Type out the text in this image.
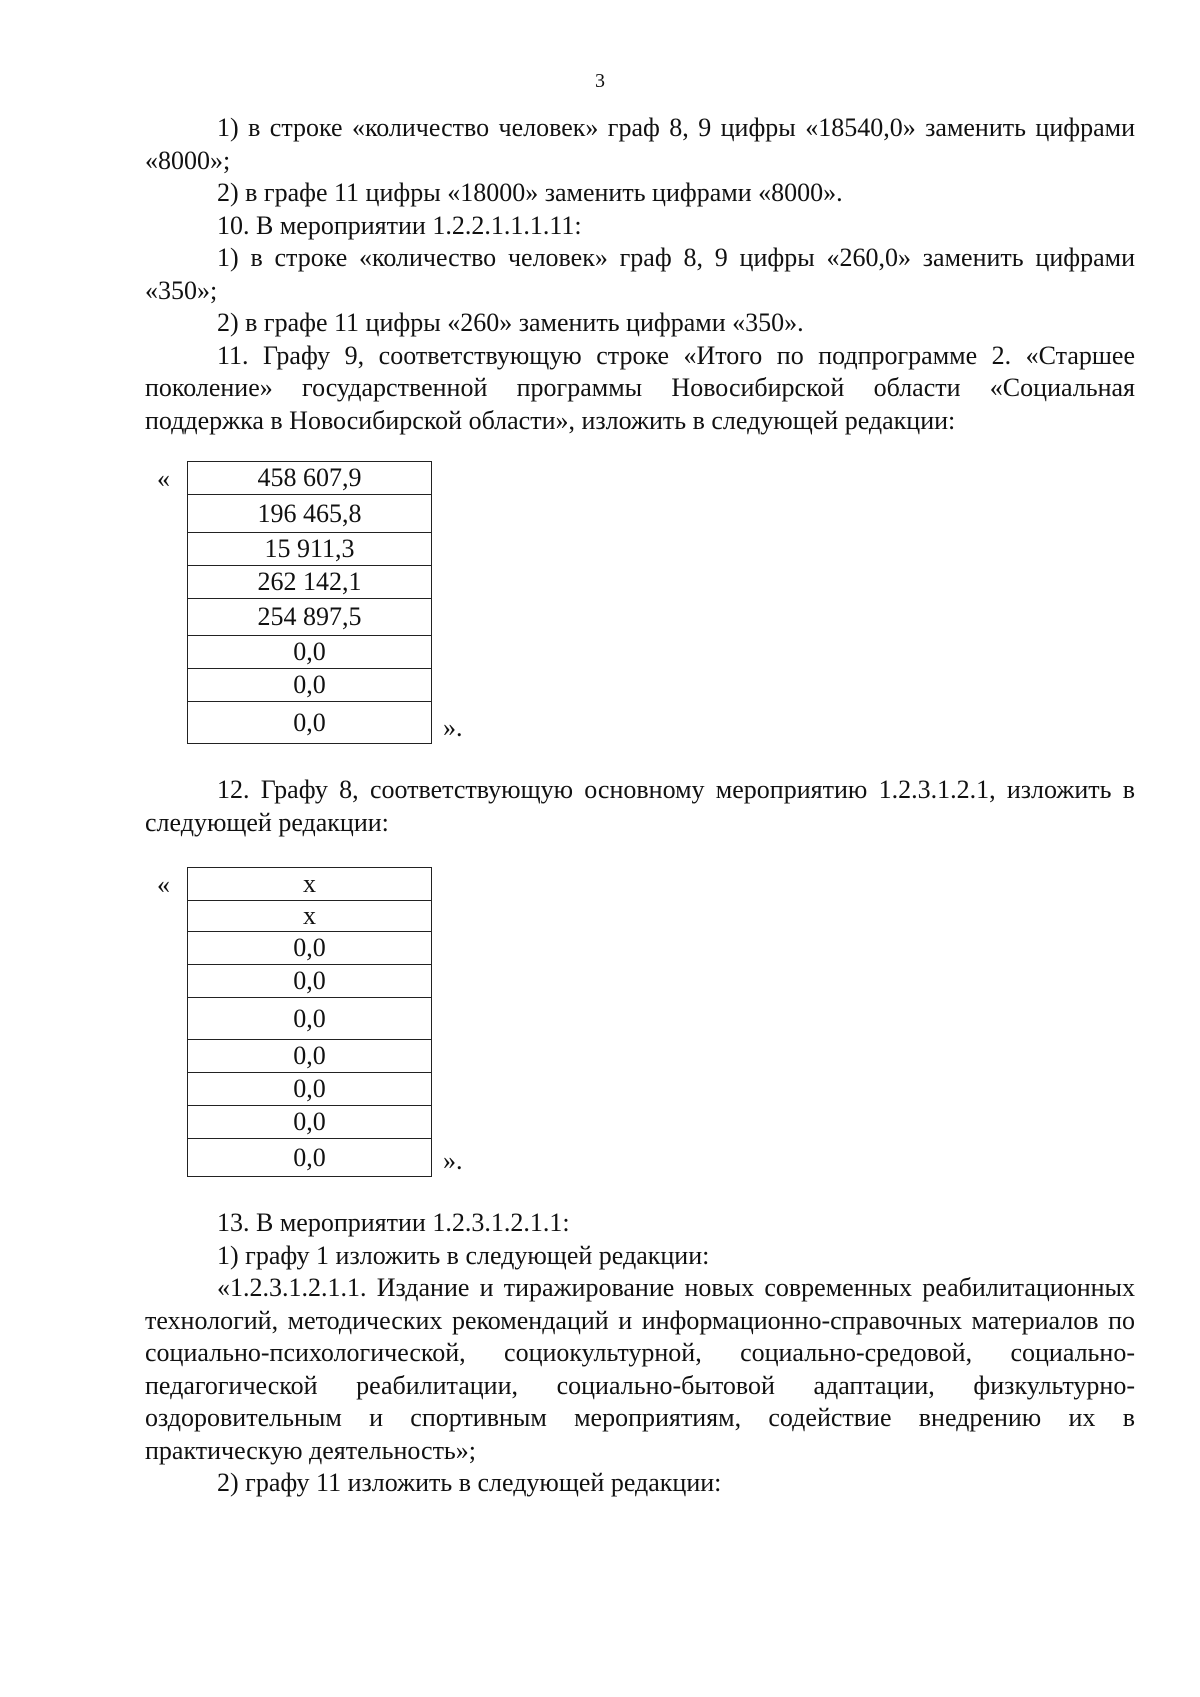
3

1) в строке «количество человек» граф 8, 9 цифры «18540,0» заменить цифрами «8000»;

2) в графе 11 цифры «18000» заменить цифрами «8000».

10. В мероприятии 1.2.2.1.1.1.11:

1) в строке «количество человек» граф 8, 9 цифры «260,0» заменить цифрами «350»;

2) в графе 11 цифры «260» заменить цифрами «350».

11. Графу 9, соответствующую строке «Итого по подпрограмме 2. «Старшее поколение» государственной программы Новосибирской области «Социальная поддержка в Новосибирской области», изложить в следующей редакции:

«	458 607,9
196 465,8
15 911,3
262 142,1
254 897,5
0,0
0,0
0,0	».

12. Графу 8, соответствующую основному мероприятию 1.2.3.1.2.1, изложить в следующей редакции:

«	x
x
0,0
0,0
0,0
0,0
0,0
0,0
0,0	».

13. В мероприятии 1.2.3.1.2.1.1:

1) графу 1 изложить в следующей редакции:

«1.2.3.1.2.1.1. Издание и тиражирование новых современных реабилитационных технологий, методических рекомендаций и информационно-справочных материалов по социально-психологической, социокультурной, социально-средовой, социально-педагогической реабилитации, социально-бытовой адаптации, физкультурно-оздоровительным и спортивным мероприятиям, содействие внедрению их в практическую деятельность»;

2) графу 11 изложить в следующей редакции:
